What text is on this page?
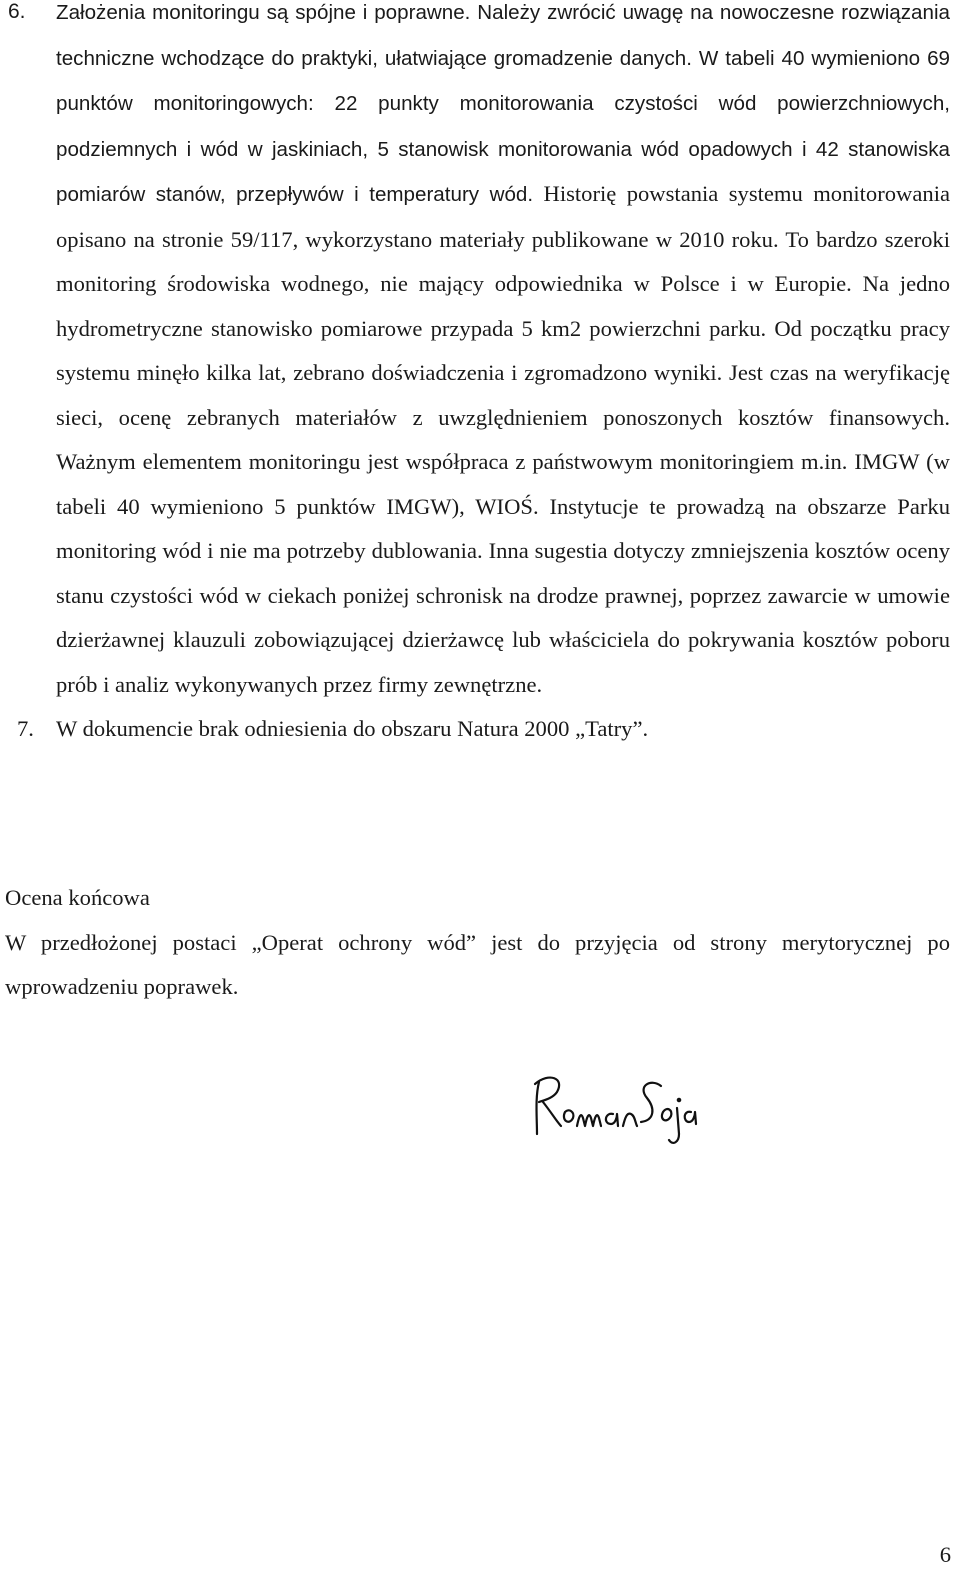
6. Założenia monitoringu są spójne i poprawne. Należy zwrócić uwagę na nowoczesne rozwiązania techniczne wchodzące do praktyki, ułatwiające gromadzenie danych. W tabeli 40 wymieniono 69 punktów monitoringowych: 22 punkty monitorowania czystości wód powierzchniowych, podziemnych i wód w jaskiniach, 5 stanowisk monitorowania wód opadowych i 42 stanowiska pomiarów stanów, przepływów i temperatury wód. Historię powstania systemu monitorowania opisano na stronie 59/117, wykorzystano materiały publikowane w 2010 roku. To bardzo szeroki monitoring środowiska wodnego, nie mający odpowiednika w Polsce i w Europie. Na jedno hydrometryczne stanowisko pomiarowe przypada 5 km2 powierzchni parku. Od początku pracy systemu minęło kilka lat, zebrano doświadczenia i zgromadzono wyniki. Jest czas na weryfikację sieci, ocenę zebranych materiałów z uwzględnieniem ponoszonych kosztów finansowych. Ważnym elementem monitoringu jest współpraca z państwowym monitoringiem m.in. IMGW (w tabeli 40 wymieniono 5 punktów IMGW), WIOŚ. Instytucje te prowadzą na obszarze Parku monitoring wód i nie ma potrzeby dublowania. Inna sugestia dotyczy zmniejszenia kosztów oceny stanu czystości wód w ciekach poniżej schronisk na drodze prawnej, poprzez zawarcie w umowie dzierżawnej klauzuli zobowiązującej dzierżawcę lub właściciela do pokrywania kosztów poboru prób i analiz wykonywanych przez firmy zewnętrzne.
7. W dokumencie brak odniesienia do obszaru Natura 2000 „Tatry”.

Ocena końcowa

W przedłożonej postaci „Operat ochrony wód” jest do przyjęcia od strony merytorycznej po wprowadzeniu poprawek.

6
